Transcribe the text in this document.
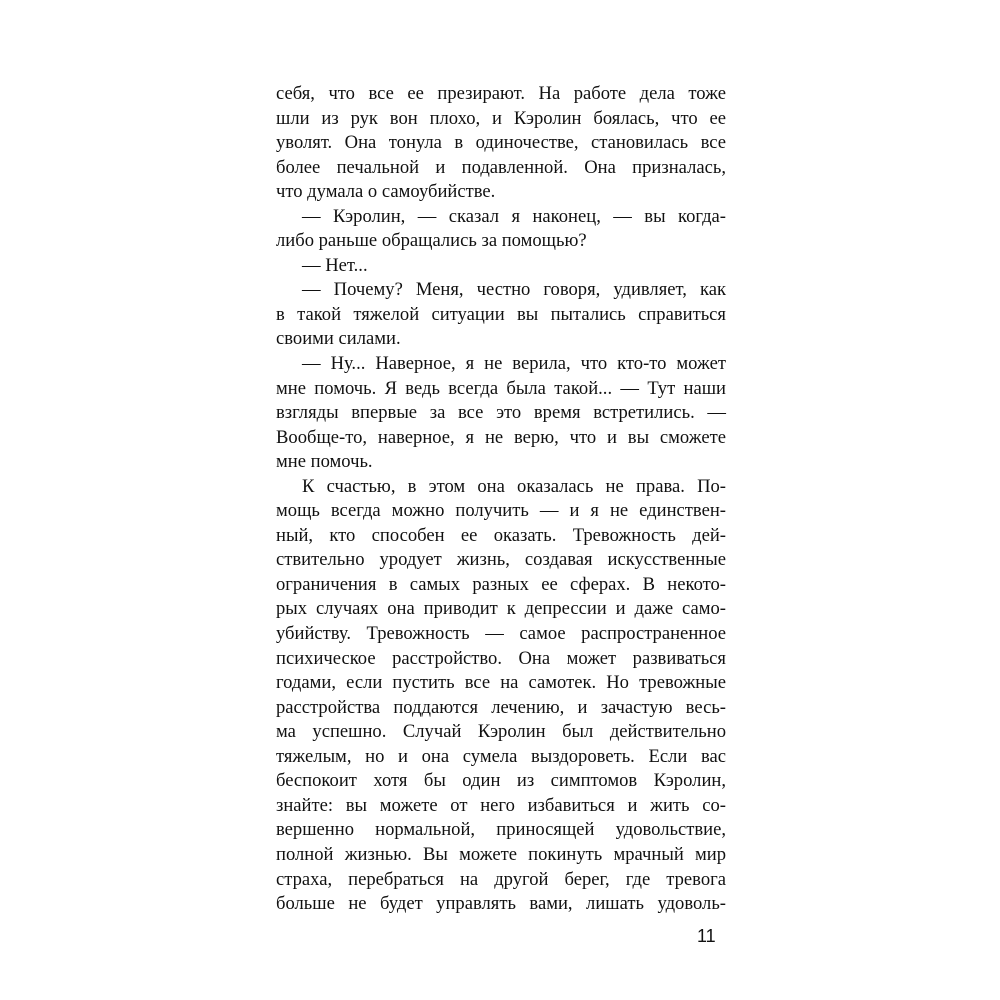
себя, что все ее презирают. На работе дела тоже
шли из рук вон плохо, и Кэролин боялась, что ее
уволят. Она тонула в одиночестве, становилась все
более печальной и подавленной. Она призналась,
что думала о самоубийстве.
— Кэролин, — сказал я наконец, — вы когда-
либо раньше обращались за помощью?
— Нет...
— Почему? Меня, честно говоря, удивляет, как
в такой тяжелой ситуации вы пытались справиться
своими силами.
— Ну... Наверное, я не верила, что кто-то может
мне помочь. Я ведь всегда была такой... — Тут наши
взгляды впервые за все это время встретились. —
Вообще-то, наверное, я не верю, что и вы сможете
мне помочь.
К счастью, в этом она оказалась не права. По-
мощь всегда можно получить — и я не единствен-
ный, кто способен ее оказать. Тревожность дей-
ствительно уродует жизнь, создавая искусственные
ограничения в самых разных ее сферах. В некото-
рых случаях она приводит к депрессии и даже само-
убийству. Тревожность — самое распространенное
психическое расстройство. Она может развиваться
годами, если пустить все на самотек. Но тревожные
расстройства поддаются лечению, и зачастую весь-
ма успешно. Случай Кэролин был действительно
тяжелым, но и она сумела выздороветь. Если вас
беспокоит хотя бы один из симптомов Кэролин,
знайте: вы можете от него избавиться и жить со-
вершенно нормальной, приносящей удовольствие,
полной жизнью. Вы можете покинуть мрачный мир
страха, перебраться на другой берег, где тревога
больше не будет управлять вами, лишать удоволь-
11
